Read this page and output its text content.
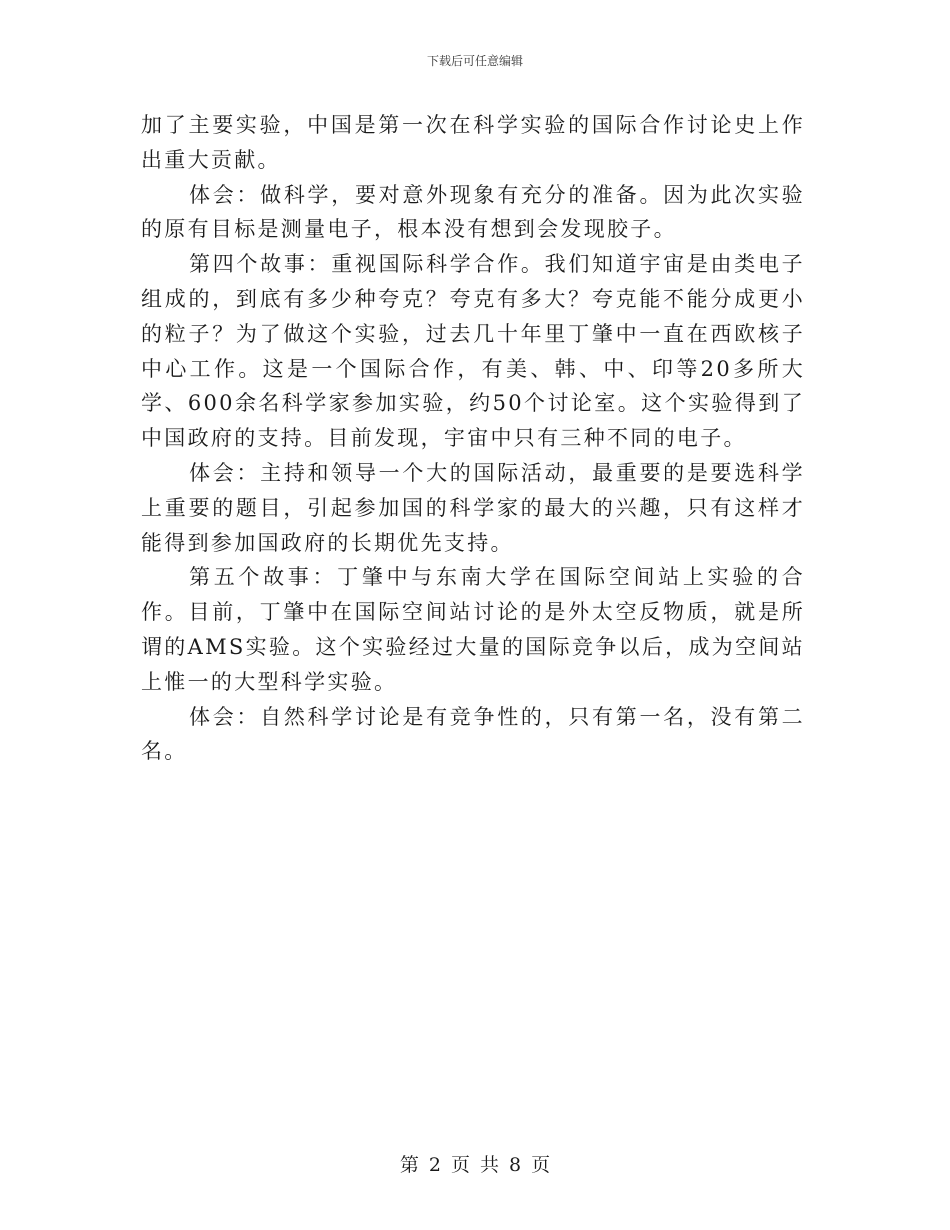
下载后可任意编辑

加了主要实验，中国是第一次在科学实验的国际合作讨论史上作出重大贡献。

体会：做科学，要对意外现象有充分的准备。因为此次实验的原有目标是测量电子，根本没有想到会发现胶子。

第四个故事：重视国际科学合作。我们知道宇宙是由类电子组成的，到底有多少种夸克？夸克有多大？夸克能不能分成更小的粒子？为了做这个实验，过去几十年里丁肇中一直在西欧核子中心工作。这是一个国际合作，有美、韩、中、印等20多所大学、600余名科学家参加实验，约50个讨论室。这个实验得到了中国政府的支持。目前发现，宇宙中只有三种不同的电子。

体会：主持和领导一个大的国际活动，最重要的是要选科学上重要的题目，引起参加国的科学家的最大的兴趣，只有这样才能得到参加国政府的长期优先支持。

第五个故事：丁肇中与东南大学在国际空间站上实验的合作。目前，丁肇中在国际空间站讨论的是外太空反物质，就是所谓的AMS实验。这个实验经过大量的国际竞争以后，成为空间站上惟一的大型科学实验。

体会：自然科学讨论是有竞争性的，只有第一名，没有第二名。

第 2 页 共 8 页
